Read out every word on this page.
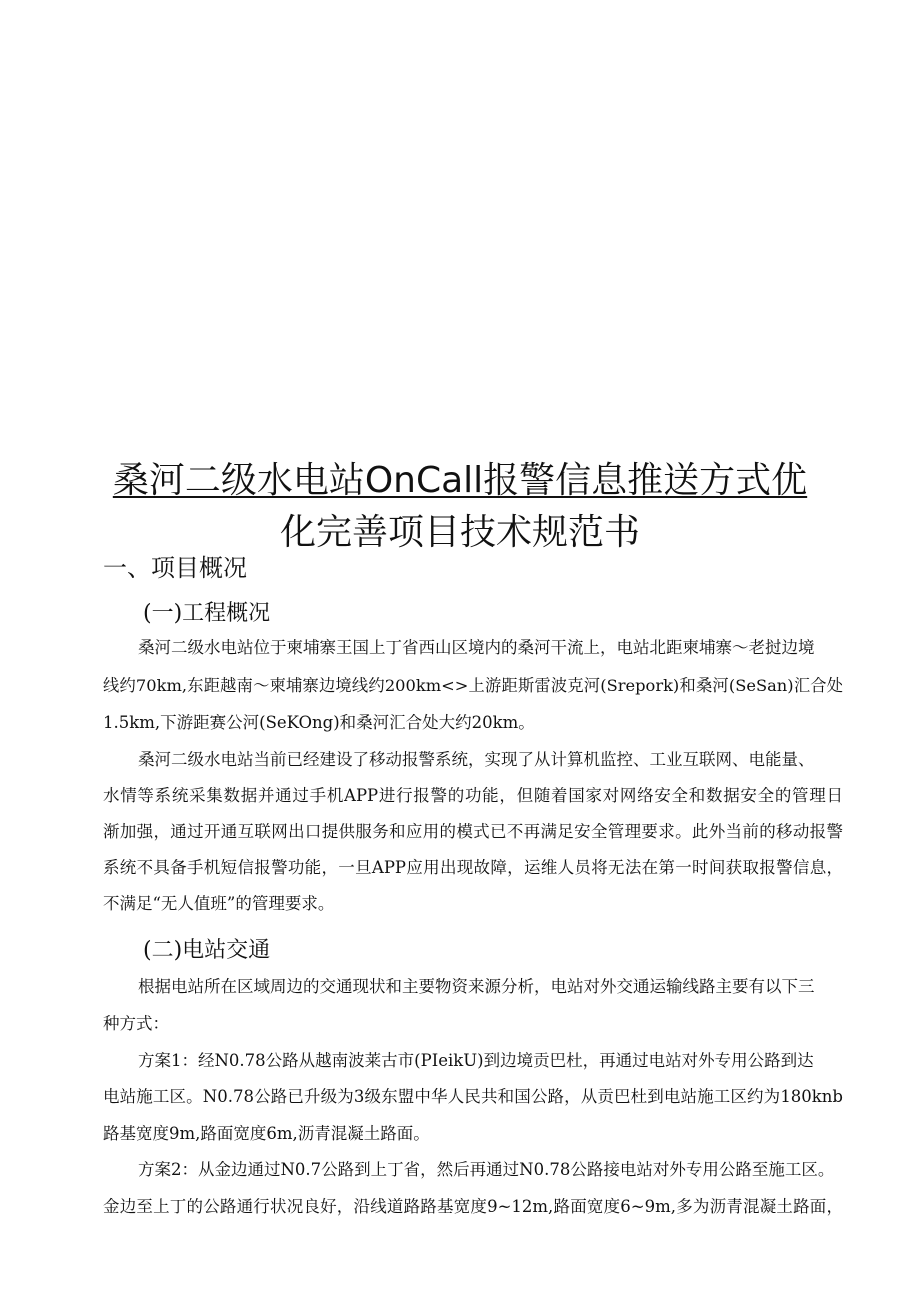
桑河二级水电站OnCall报警信息推送方式优
化完善项目技术规范书
一、项目概况
(一)工程概况
桑河二级水电站位于柬埔寨王国上丁省西山区境内的桑河干流上，电站北距柬埔寨～老挝边境
线约70km,东距越南～柬埔寨边境线约200km<>上游距斯雷波克河(Srepork)和桑河(SeSan)汇合处
1.5km,下游距赛公河(SeKOng)和桑河汇合处大约20km。
桑河二级水电站当前已经建设了移动报警系统，实现了从计算机监控、工业互联网、电能量、
水情等系统采集数据并通过手机APP进行报警的功能，但随着国家对网络安全和数据安全的管理日
渐加强，通过开通互联网出口提供服务和应用的模式已不再满足安全管理要求。此外当前的移动报警
系统不具备手机短信报警功能，一旦APP应用出现故障，运维人员将无法在第一时间获取报警信息，
不满足“无人值班”的管理要求。
(二)电站交通
根据电站所在区域周边的交通现状和主要物资来源分析，电站对外交通运输线路主要有以下三
种方式：
方案1：经N0.78公路从越南波莱古市(PIeikU)到边境贡巴杜，再通过电站对外专用公路到达
电站施工区。N0.78公路已升级为3级东盟中华人民共和国公路，从贡巴杜到电站施工区约为180knb
路基宽度9m,路面宽度6m,沥青混凝土路面。
方案2：从金边通过N0.7公路到上丁省，然后再通过N0.78公路接电站对外专用公路至施工区。
金边至上丁的公路通行状况良好，沿线道路路基宽度9~12m,路面宽度6~9m,多为沥青混凝土路面，
